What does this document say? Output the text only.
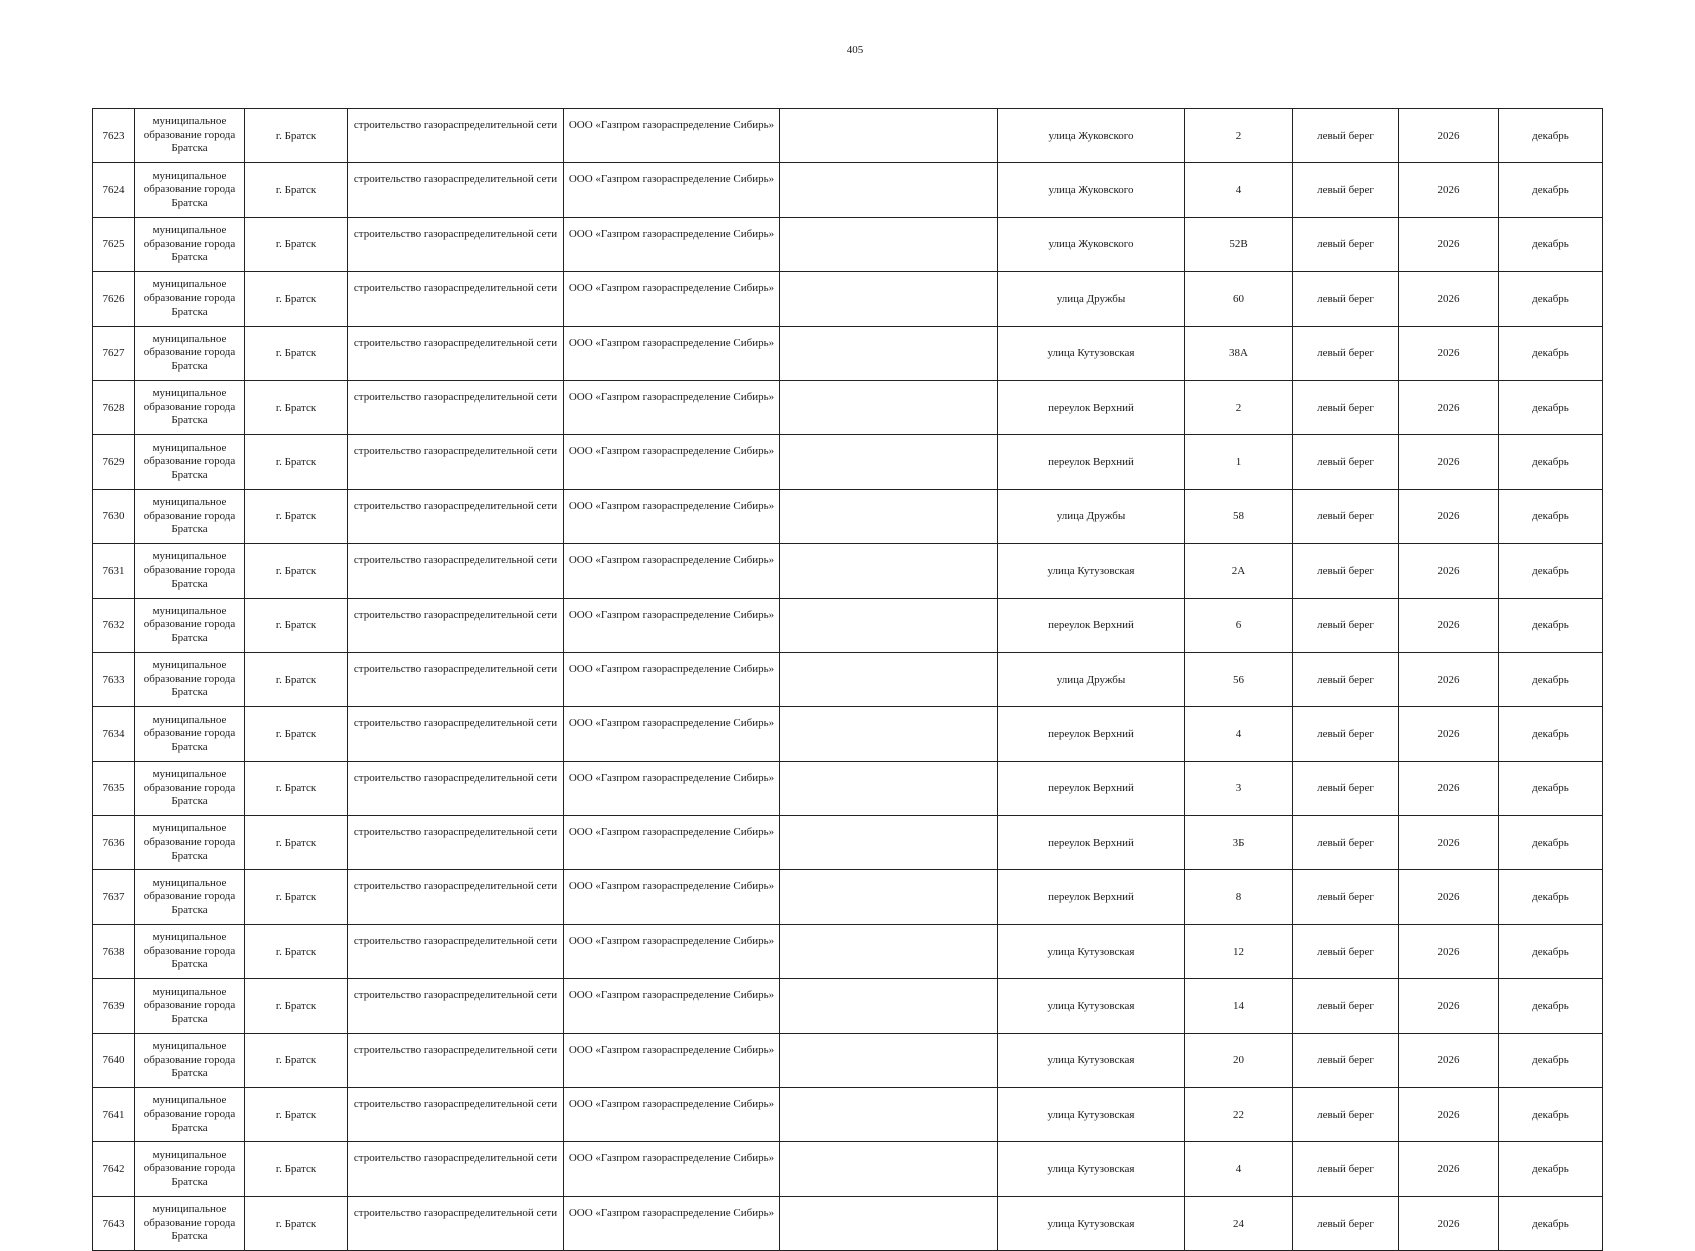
405
7623	муниципальное образование города Братска	г. Братск	строительство газораспределительной сети	ООО «Газпром газораспределение Сибирь»		улица Жуковского	2	левый берег	2026	декабрь
7624	муниципальное образование города Братска	г. Братск	строительство газораспределительной сети	ООО «Газпром газораспределение Сибирь»		улица Жуковского	4	левый берег	2026	декабрь
7625	муниципальное образование города Братска	г. Братск	строительство газораспределительной сети	ООО «Газпром газораспределение Сибирь»		улица Жуковского	52В	левый берег	2026	декабрь
7626	муниципальное образование города Братска	г. Братск	строительство газораспределительной сети	ООО «Газпром газораспределение Сибирь»		улица Дружбы	60	левый берег	2026	декабрь
7627	муниципальное образование города Братска	г. Братск	строительство газораспределительной сети	ООО «Газпром газораспределение Сибирь»		улица Кутузовская	38А	левый берег	2026	декабрь
7628	муниципальное образование города Братска	г. Братск	строительство газораспределительной сети	ООО «Газпром газораспределение Сибирь»		переулок Верхний	2	левый берег	2026	декабрь
7629	муниципальное образование города Братска	г. Братск	строительство газораспределительной сети	ООО «Газпром газораспределение Сибирь»		переулок Верхний	1	левый берег	2026	декабрь
7630	муниципальное образование города Братска	г. Братск	строительство газораспределительной сети	ООО «Газпром газораспределение Сибирь»		улица Дружбы	58	левый берег	2026	декабрь
7631	муниципальное образование города Братска	г. Братск	строительство газораспределительной сети	ООО «Газпром газораспределение Сибирь»		улица Кутузовская	2А	левый берег	2026	декабрь
7632	муниципальное образование города Братска	г. Братск	строительство газораспределительной сети	ООО «Газпром газораспределение Сибирь»		переулок Верхний	6	левый берег	2026	декабрь
7633	муниципальное образование города Братска	г. Братск	строительство газораспределительной сети	ООО «Газпром газораспределение Сибирь»		улица Дружбы	56	левый берег	2026	декабрь
7634	муниципальное образование города Братска	г. Братск	строительство газораспределительной сети	ООО «Газпром газораспределение Сибирь»		переулок Верхний	4	левый берег	2026	декабрь
7635	муниципальное образование города Братска	г. Братск	строительство газораспределительной сети	ООО «Газпром газораспределение Сибирь»		переулок Верхний	3	левый берег	2026	декабрь
7636	муниципальное образование города Братска	г. Братск	строительство газораспределительной сети	ООО «Газпром газораспределение Сибирь»		переулок Верхний	3Б	левый берег	2026	декабрь
7637	муниципальное образование города Братска	г. Братск	строительство газораспределительной сети	ООО «Газпром газораспределение Сибирь»		переулок Верхний	8	левый берег	2026	декабрь
7638	муниципальное образование города Братска	г. Братск	строительство газораспределительной сети	ООО «Газпром газораспределение Сибирь»		улица Кутузовская	12	левый берег	2026	декабрь
7639	муниципальное образование города Братска	г. Братск	строительство газораспределительной сети	ООО «Газпром газораспределение Сибирь»		улица Кутузовская	14	левый берег	2026	декабрь
7640	муниципальное образование города Братска	г. Братск	строительство газораспределительной сети	ООО «Газпром газораспределение Сибирь»		улица Кутузовская	20	левый берег	2026	декабрь
7641	муниципальное образование города Братска	г. Братск	строительство газораспределительной сети	ООО «Газпром газораспределение Сибирь»		улица Кутузовская	22	левый берег	2026	декабрь
7642	муниципальное образование города Братска	г. Братск	строительство газораспределительной сети	ООО «Газпром газораспределение Сибирь»		улица Кутузовская	4	левый берег	2026	декабрь
7643	муниципальное образование города Братска	г. Братск	строительство газораспределительной сети	ООО «Газпром газораспределение Сибирь»		улица Кутузовская	24	левый берег	2026	декабрь
